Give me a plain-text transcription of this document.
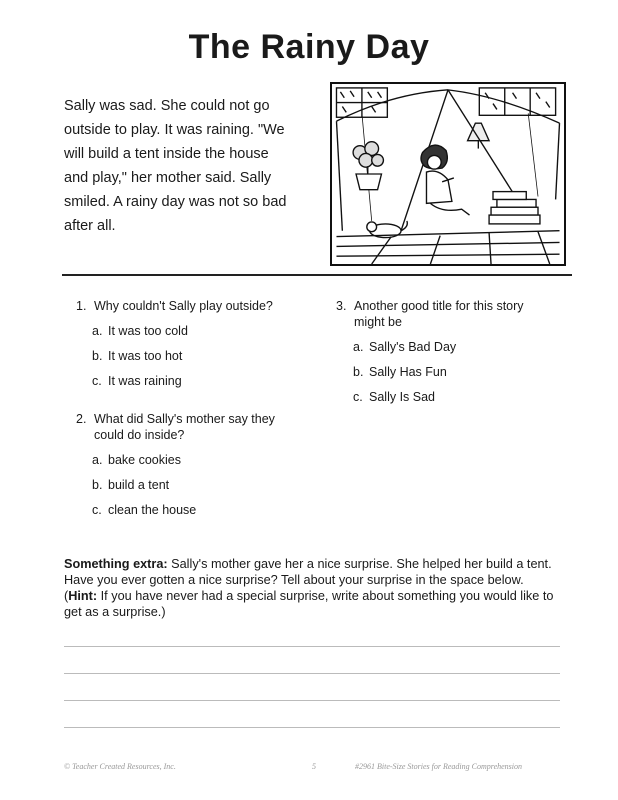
The Rainy Day

Sally was sad. She could not go
outside to play. It was raining. "We
will build a tent inside the house
and play," her mother said. Sally
smiled. A rainy day was not so bad
after all.

1. Why couldn't Sally play outside?
a. It was too cold
b. It was too hot
c. It was raining
2. What did Sally's mother say they
could do inside?
a. bake cookies
b. build a tent
c. clean the house
3. Another good title for this story
might be
a. Sally's Bad Day
b. Sally Has Fun
c. Sally Is Sad

Something extra: Sally's mother gave her a nice surprise. She helped her build a tent. Have you ever gotten a nice surprise? Tell about your surprise in the space below. (Hint: If you have never had a special surprise, write about something you would like to get as a surprise.)

© Teacher Created Resources, Inc.	5	#2961 Bite-Size Stories for Reading Comprehension
